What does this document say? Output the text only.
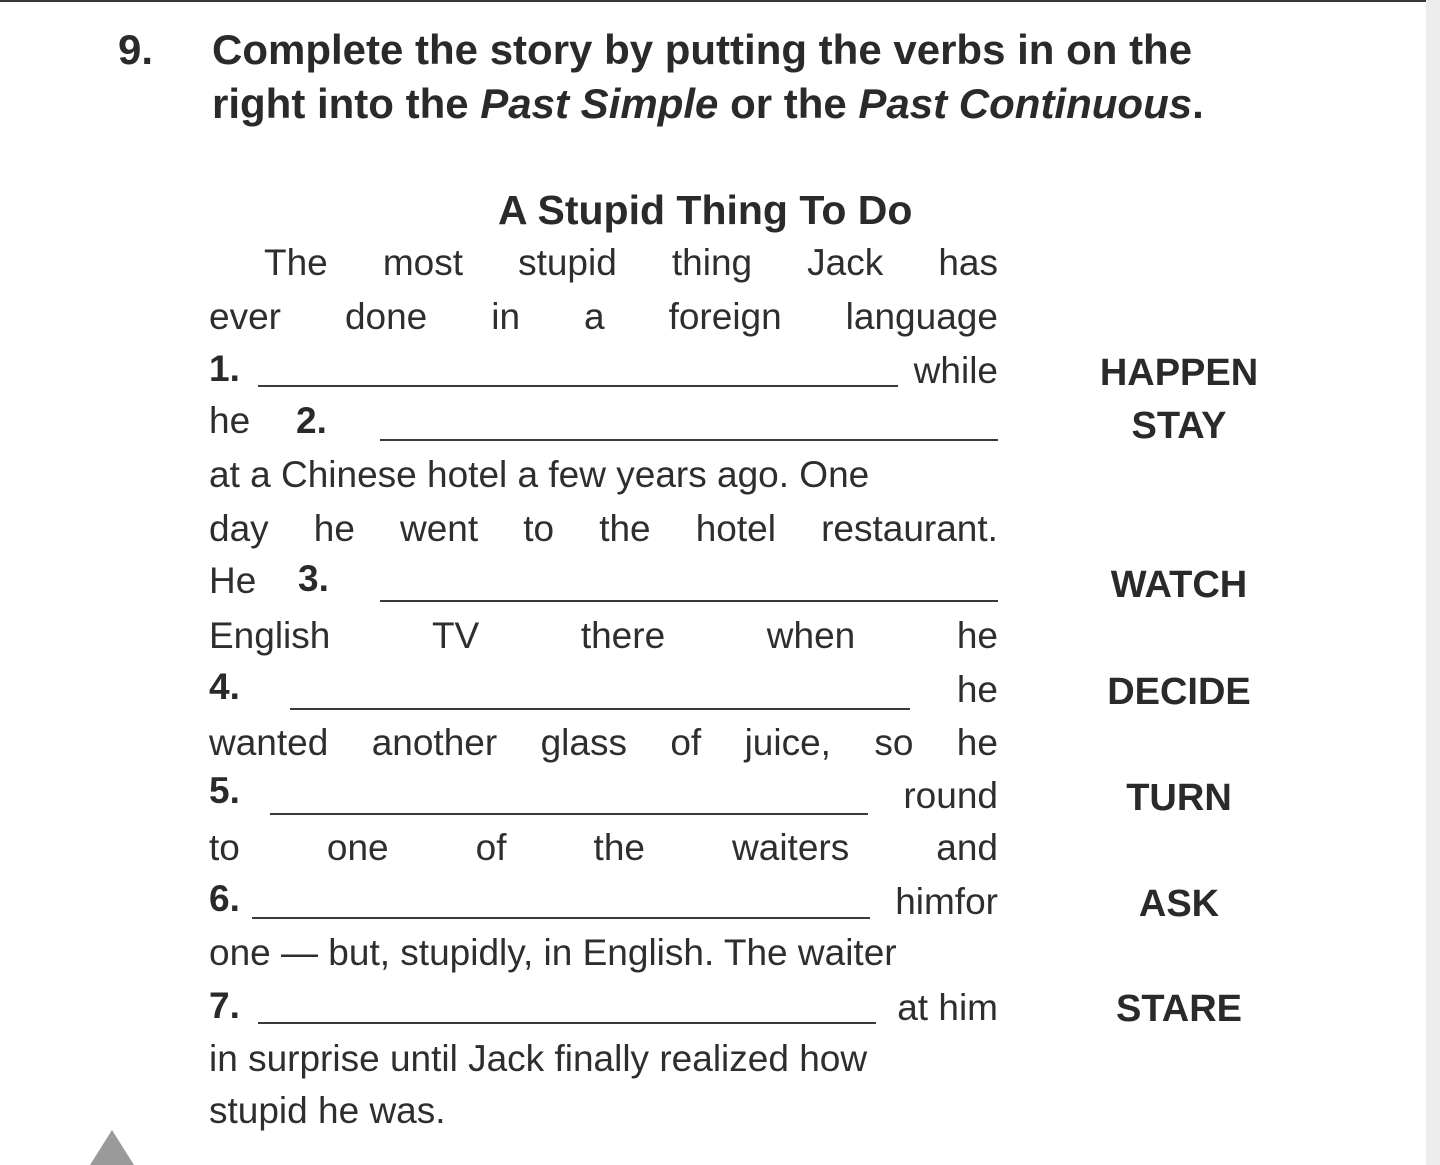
9. Complete the story by putting the verbs in on the
right into the Past Simple or the Past Continuous.
A Stupid Thing To Do
The most stupid thing Jack has
ever done in a foreign language
1.	while	HAPPEN
he 2.	STAY
at a Chinese hotel a few years ago. One
day he went to the hotel restaurant.
He 3.	WATCH
English	TV	there	when	he
4.	he	DECIDE
wanted another glass of juice, so he
5.	round	TURN
to one of the waiters and
6.	himfor	ASK
one — but, stupidly, in English. The waiter
7.	at him	STARE
in surprise until Jack finally realized how
stupid he was.
